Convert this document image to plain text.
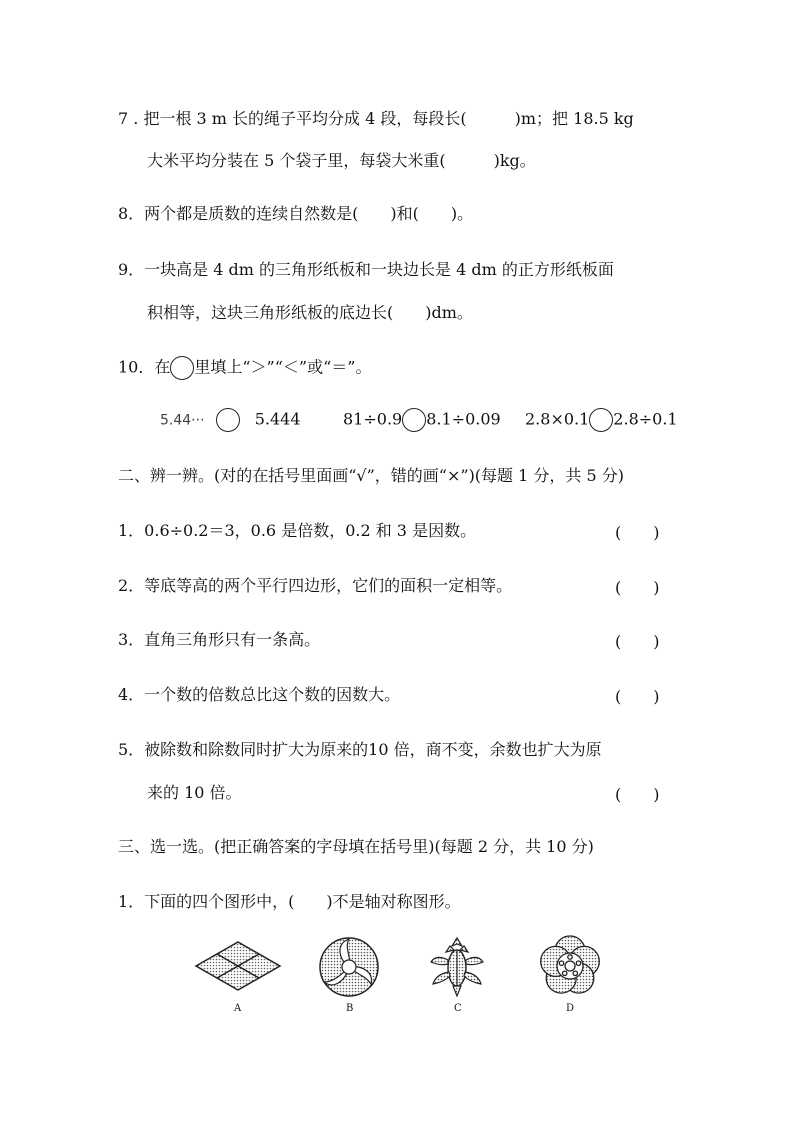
7 . 把一根 3 m 长的绳子平均分成 4 段，每段长(　　　)m；把 18.5 kg
大米平均分装在 5 个袋子里，每袋大米重(　　　)kg。
8．两个都是质数的连续自然数是(　　)和(　　)。
9．一块高是 4 dm 的三角形纸板和一块边长是 4 dm 的正方形纸板面
积相等，这块三角形纸板的底边长(　　)dm。
10．在 里填上“＞”“＜”或“＝”。
5.44···	5.444	81÷0.9 8.1÷0.09 2.8×0.1 2.8÷0.1
二、辨一辨。(对的在括号里面画“√”，错的画“×”)(每题 1 分，共 5 分)
1．0.6÷0.2＝3，0.6 是倍数，0.2 和 3 是因数。	(　　)
2．等底等高的两个平行四边形，它们的面积一定相等。	(　　)
3．直角三角形只有一条高。	(　　)
4．一个数的倍数总比这个数的因数大。	(　　)
5．被除数和除数同时扩大为原来的10 倍，商不变，余数也扩大为原
来的 10 倍。	(　　)
三、选一选。(把正确答案的字母填在括号里)(每题 2 分，共 10 分)
1．下面的四个图形中，(　　)不是轴对称图形。
A	B	C	D
